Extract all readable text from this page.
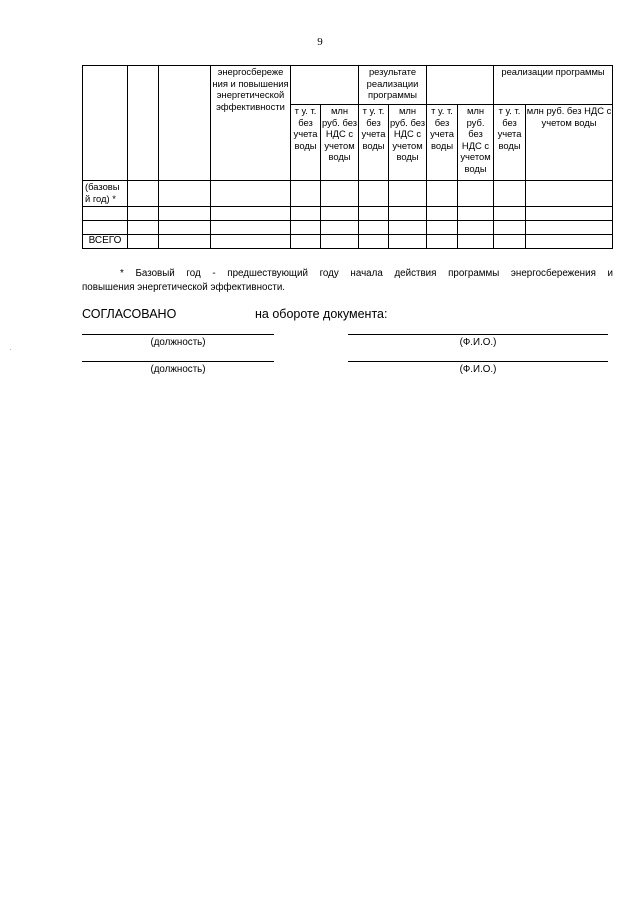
9
			энергосбереже ния и повышения энергетической эффективности			результате реализации программы				реализации программы	
				т у. т. без учета воды	млн руб. без НДС с учетом воды	т у. т. без учета воды	млн руб. без НДС с учетом воды	т у. т. без учета воды	млн руб. без НДС с учетом воды	т у. т. без учета воды	млн руб. без НДС с учетом воды
(базовы й год) *											

ВСЕГО											
* Базовый год - предшествующий году начала действия программы энергосбережения и
повышения энергетической эффективности.
СОГЛАСОВАНО	на обороте документа:
(должность)	(Ф.И.О.)
(должность)	(Ф.И.О.)
·
